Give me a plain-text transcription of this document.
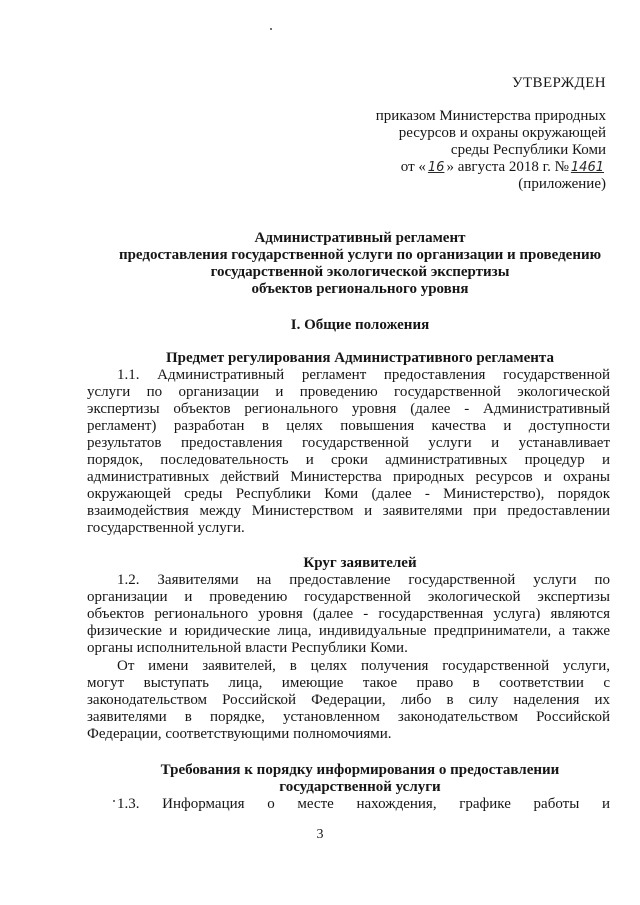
УТВЕРЖДЕН
приказом Министерства природных
ресурсов и охраны окружающей
среды Республики Коми
от « 16 » августа 2018 г. № 1461
(приложение)
Административный регламент
предоставления государственной услуги по организации и проведению
государственной экологической экспертизы
объектов регионального уровня
I. Общие положения
Предмет регулирования Административного регламента
1.1. Административный регламент предоставления государственной
услуги по организации и проведению государственной экологической
экспертизы объектов регионального уровня (далее - Административный
регламент) разработан в целях повышения качества и доступности
результатов предоставления государственной услуги и устанавливает
порядок, последовательность и сроки административных процедур и
административных действий Министерства природных ресурсов и охраны
окружающей среды Республики Коми (далее - Министерство), порядок
взаимодействия между Министерством и заявителями при предоставлении
государственной услуги.
Круг заявителей
1.2. Заявителями на предоставление государственной услуги по
организации и проведению государственной экологической экспертизы
объектов регионального уровня (далее - государственная услуга) являются
физические и юридические лица, индивидуальные предприниматели, а также
органы исполнительной власти Республики Коми.
От имени заявителей, в целях получения государственной услуги,
могут выступать лица, имеющие такое право в соответствии с
законодательством Российской Федерации, либо в силу наделения их
заявителями в порядке, установленном законодательством Российской
Федерации, соответствующими полномочиями.
Требования к порядку информирования о предоставлении
государственной услуги
1.3. Информация о месте нахождения, графике работы и
3
